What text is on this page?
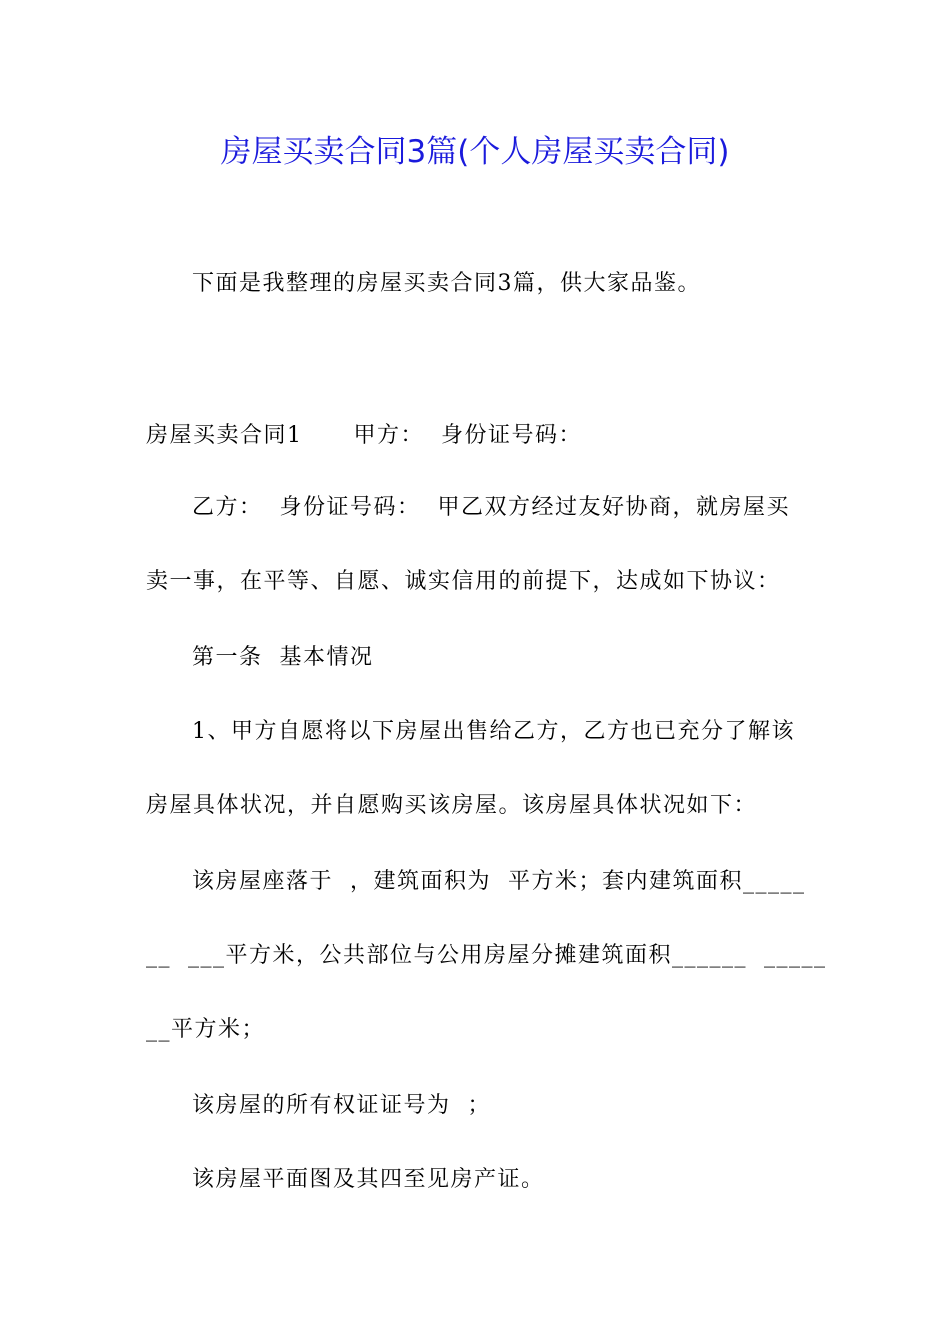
房屋买卖合同3篇(个人房屋买卖合同)
下面是我整理的房屋买卖合同3篇，供大家品鉴。
房屋买卖合同1      甲方：  身份证号码：
乙方：  身份证号码：  甲乙双方经过友好协商，就房屋买
卖一事，在平等、自愿、诚实信用的前提下，达成如下协议：
第一条  基本情况
1、甲方自愿将以下房屋出售给乙方，乙方也已充分了解该
房屋具体状况，并自愿购买该房屋。该房屋具体状况如下：
该房屋座落于  ，建筑面积为  平方米；套内建筑面积_____
__  ___平方米，公共部位与公用房屋分摊建筑面积______  _____
__平方米；
该房屋的所有权证证号为  ；
该房屋平面图及其四至见房产证。
